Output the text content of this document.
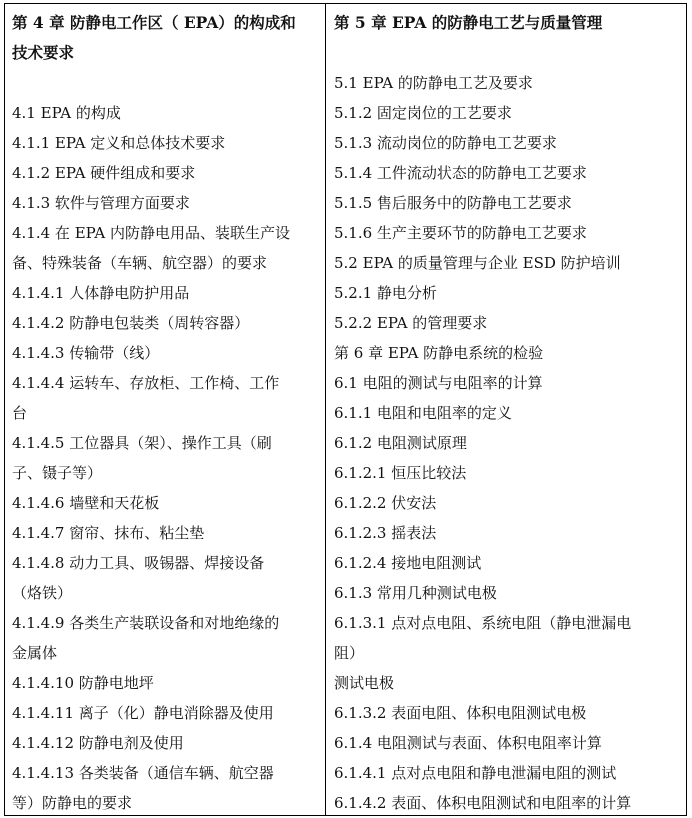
第 4 章 防静电工作区（ EPA）的构成和
技术要求
4.1 EPA 的构成
4.1.1 EPA 定义和总体技术要求
4.1.2 EPA 硬件组成和要求
4.1.3 软件与管理方面要求
4.1.4 在 EPA 内防静电用品、装联生产设
备、特殊装备（车辆、航空器）的要求
4.1.4.1 人体静电防护用品
4.1.4.2 防静电包装类（周转容器）
4.1.4.3 传输带（线）
4.1.4.4 运转车、存放柜、工作椅、工作
台
4.1.4.5 工位器具（架）、操作工具（刷
子、镊子等）
4.1.4.6 墙壁和天花板
4.1.4.7 窗帘、抹布、粘尘垫
4.1.4.8 动力工具、吸锡器、焊接设备
（烙铁）
4.1.4.9 各类生产装联设备和对地绝缘的
金属体
4.1.4.10 防静电地坪
4.1.4.11 离子（化）静电消除器及使用
4.1.4.12 防静电剂及使用
4.1.4.13 各类装备（通信车辆、航空器
等）防静电的要求
第 5 章 EPA 的防静电工艺与质量管理
5.1 EPA 的防静电工艺及要求
5.1.2 固定岗位的工艺要求
5.1.3 流动岗位的防静电工艺要求
5.1.4 工件流动状态的防静电工艺要求
5.1.5 售后服务中的防静电工艺要求
5.1.6 生产主要环节的防静电工艺要求
5.2 EPA 的质量管理与企业 ESD 防护培训
5.2.1 静电分析
5.2.2 EPA 的管理要求
第 6 章 EPA 防静电系统的检验
6.1 电阻的测试与电阻率的计算
6.1.1 电阻和电阻率的定义
6.1.2 电阻测试原理
6.1.2.1 恒压比较法
6.1.2.2 伏安法
6.1.2.3 摇表法
6.1.2.4 接地电阻测试
6.1.3 常用几种测试电极
6.1.3.1 点对点电阻、系统电阻（静电泄漏电
阻）
测试电极
6.1.3.2 表面电阻、体积电阻测试电极
6.1.4 电阻测试与表面、体积电阻率计算
6.1.4.1 点对点电阻和静电泄漏电阻的测试
6.1.4.2 表面、体积电阻测试和电阻率的计算
